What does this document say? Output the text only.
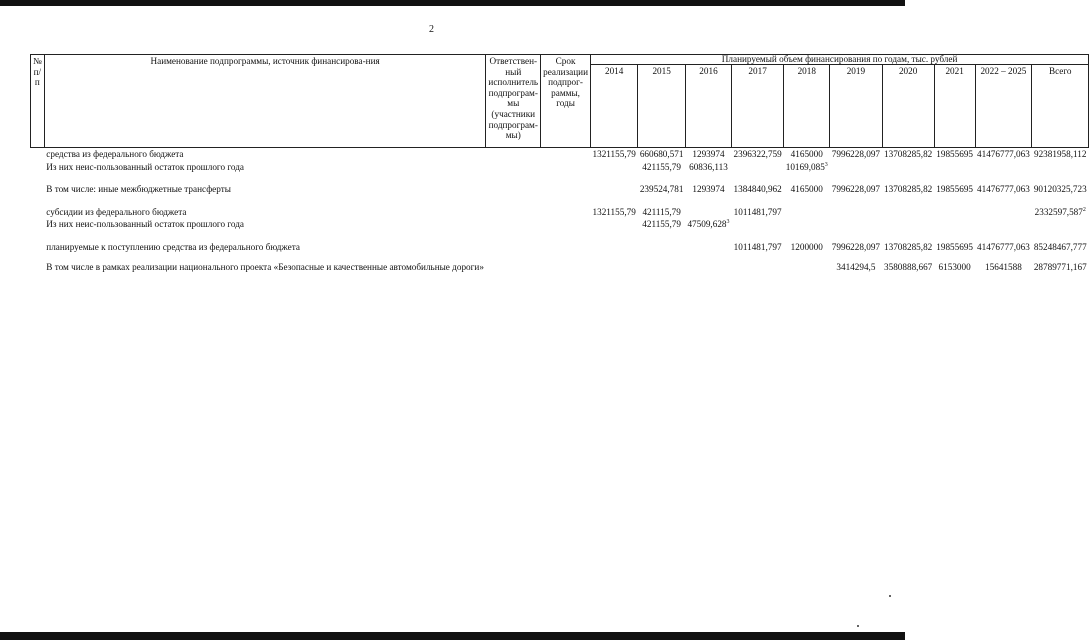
2
№ п/п	Наименование подпрограммы, источник финансирова-ния	Ответствен-ный исполнитель подпрограм-мы (участники подпрограм-мы)	Срок реализации подпрог-раммы, годы	Планируемый объем финансирования по годам, тыс. рублей									
				2014	2015	2016	2017	2018	2019	2020	2021	2022 – 2025	Всего
	средства из федерального бюджета			1321155,79	660680,571	1293974	2396322,759	4165000	7996228,097	13708285,82	19855695	41476777,063	92381958,112
	Из них неис-пользованный остаток прошлого года				421155,79	60836,113		10169,085$^3$					

	В том числе: иные межбюджетные трансферты				239524,781	1293974	1384840,962	4165000	7996228,097	13708285,82	19855695	41476777,063	90120325,723

	субсидии из федерального бюджета			1321155,79	421115,79		1011481,797						2332597,587$^2$
	Из них неис-пользованный остаток прошлого года				421155,79	47509,628$^3$							

	планируемые к поступлению средства из федерального бюджета						1011481,797	1200000	7996228,097	13708285,82	19855695	41476777,063	85248467,777

	В том числе в рамках реализации национального проекта «Безопасные и качественные автомобильные дороги»								3414294,5	3580888,667	6153000	15641588	28789771,167
